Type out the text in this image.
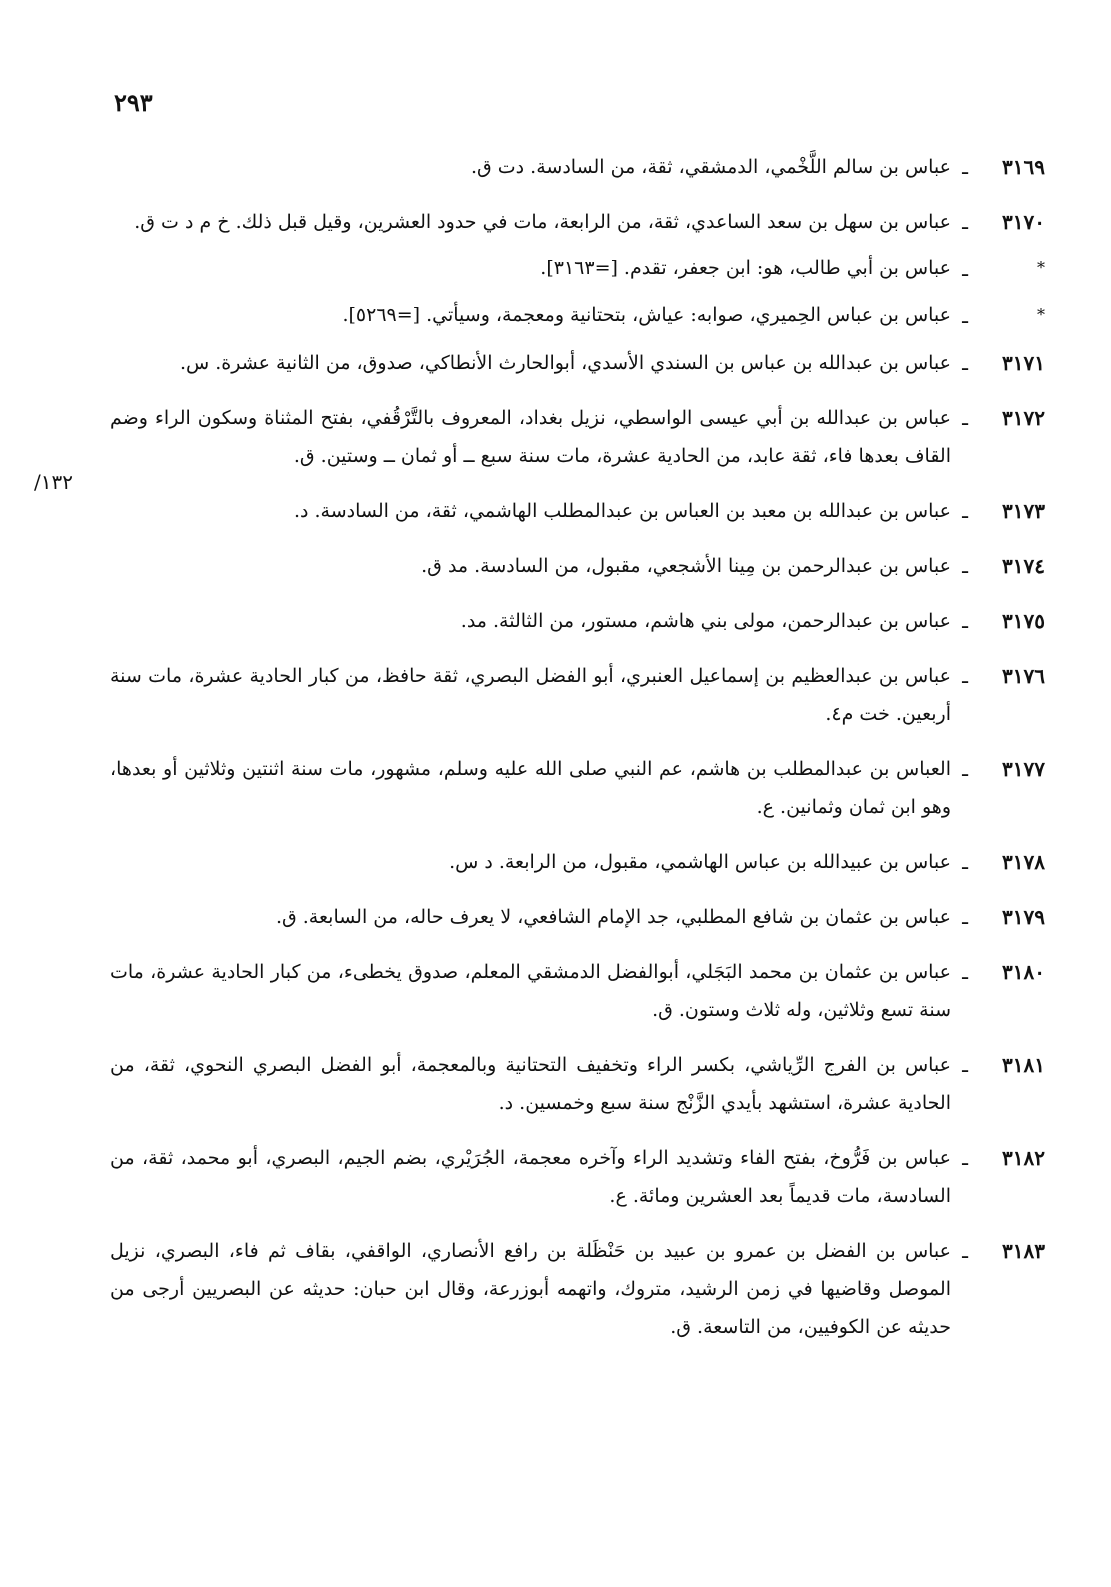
٢٩٣
/١٣٢
٣١٦٩
ـ
عباس بن سالم اللَّخْمي، الدمشقي، ثقة، من السادسة. دت ق.
٣١٧٠
ـ
عباس بن سهل بن سعد الساعدي، ثقة، من الرابعة، مات في حدود العشرين، وقيل قبل ذلك. خ م د ت ق.
*
ـ
عباس بن أبي طالب، هو: ابن جعفر، تقدم. [=٣١٦٣].
*
ـ
عباس بن عباس الحِميري، صوابه: عياش، بتحتانية ومعجمة، وسيأتي. [=٥٢٦٩].
٣١٧١
ـ
عباس بن عبدالله بن عباس بن السندي الأسدي، أبوالحارث الأنطاكي، صدوق، من الثانية عشرة. س.
٣١٧٢
ـ
عباس بن عبدالله بن أبي عيسى الواسطي، نزيل بغداد، المعروف بالتَّرْقُفي، بفتح المثناة وسكون الراء وضم القاف بعدها فاء، ثقة عابد، من الحادية عشرة، مات سنة سبع ــ أو ثمان ــ وستين. ق.
٣١٧٣
ـ
عباس بن عبدالله بن معبد بن العباس بن عبدالمطلب الهاشمي، ثقة، من السادسة. د.
٣١٧٤
ـ
عباس بن عبدالرحمن بن مِينا الأشجعي، مقبول، من السادسة. مد ق.
٣١٧٥
ـ
عباس بن عبدالرحمن، مولى بني هاشم، مستور، من الثالثة. مد.
٣١٧٦
ـ
عباس بن عبدالعظيم بن إسماعيل العنبري، أبو الفضل البصري، ثقة حافظ، من كبار الحادية عشرة، مات سنة أربعين. خت م٤.
٣١٧٧
ـ
العباس بن عبدالمطلب بن هاشم، عم النبي صلى الله عليه وسلم، مشهور، مات سنة اثنتين وثلاثين أو بعدها، وهو ابن ثمان وثمانين. ع.
٣١٧٨
ـ
عباس بن عبيدالله بن عباس الهاشمي، مقبول، من الرابعة. د س.
٣١٧٩
ـ
عباس بن عثمان بن شافع المطلبي، جد الإمام الشافعي، لا يعرف حاله، من السابعة. ق.
٣١٨٠
ـ
عباس بن عثمان بن محمد البَجَلي، أبوالفضل الدمشقي المعلم، صدوق يخطىء، من كبار الحادية عشرة، مات سنة تسع وثلاثين، وله ثلاث وستون. ق.
٣١٨١
ـ
عباس بن الفرج الرِّياشي، بكسر الراء وتخفيف التحتانية وبالمعجمة، أبو الفضل البصري النحوي، ثقة، من الحادية عشرة، استشهد بأيدي الزَّنْج سنة سبع وخمسين. د.
٣١٨٢
ـ
عباس بن فَرُّوخ، بفتح الفاء وتشديد الراء وآخره معجمة، الجُرَيْري، بضم الجيم، البصري، أبو محمد، ثقة، من السادسة، مات قديماً بعد العشرين ومائة. ع.
٣١٨٣
ـ
عباس بن الفضل بن عمرو بن عبيد بن حَنْظَلة بن رافع الأنصاري، الواقفي، بقاف ثم فاء، البصري، نزيل الموصل وقاضيها في زمن الرشيد، متروك، واتهمه أبوزرعة، وقال ابن حبان: حديثه عن البصريين أرجى من حديثه عن الكوفيين، من التاسعة. ق.
